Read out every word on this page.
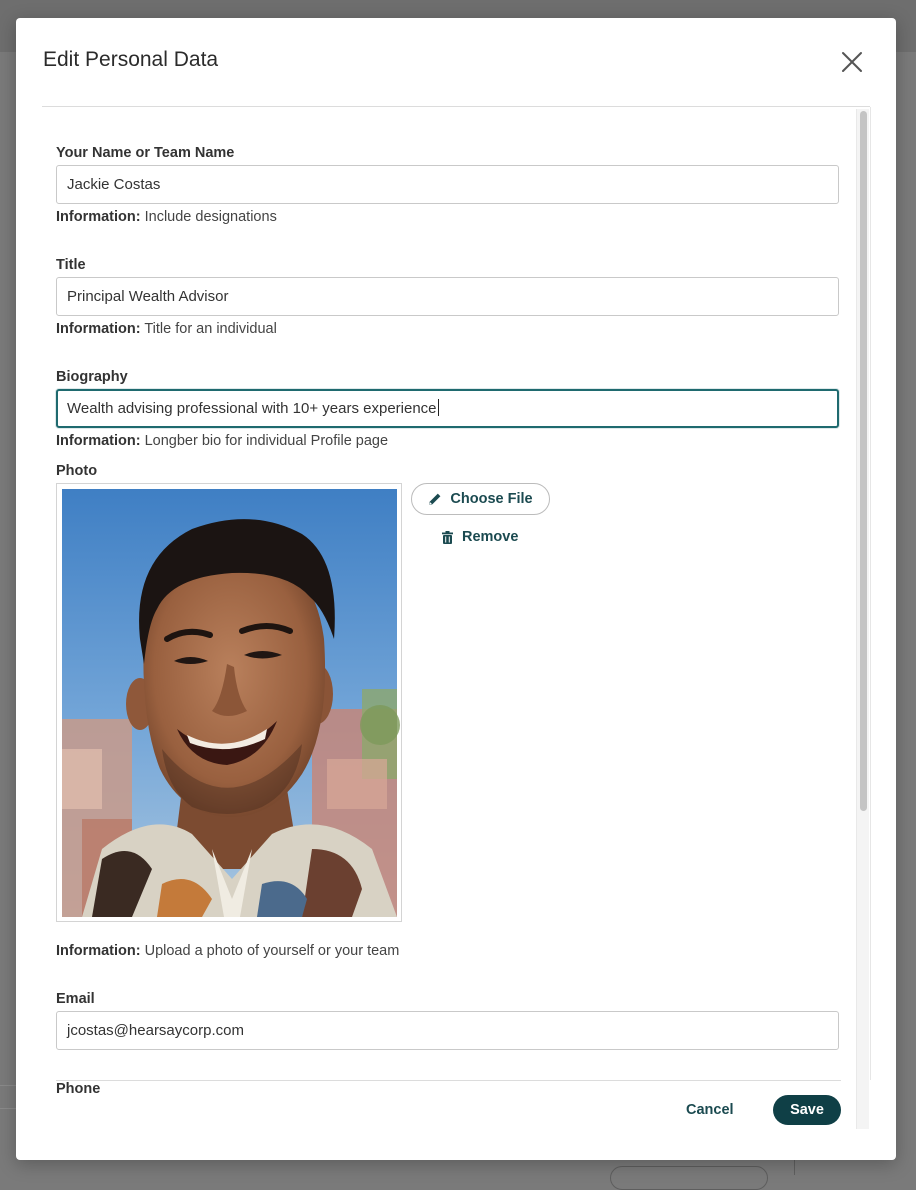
Edit Personal Data
Your Name or Team Name
Jackie Costas
Information: Include designations
Title
Principal Wealth Advisor
Information: Title for an individual
Biography
Wealth advising professional with 10+ years experience
Information: Longber bio for individual Profile page
Photo
Choose File
Remove
Information: Upload a photo of yourself or your team
Email
jcostas@hearsaycorp.com
Phone
Cancel	Save
